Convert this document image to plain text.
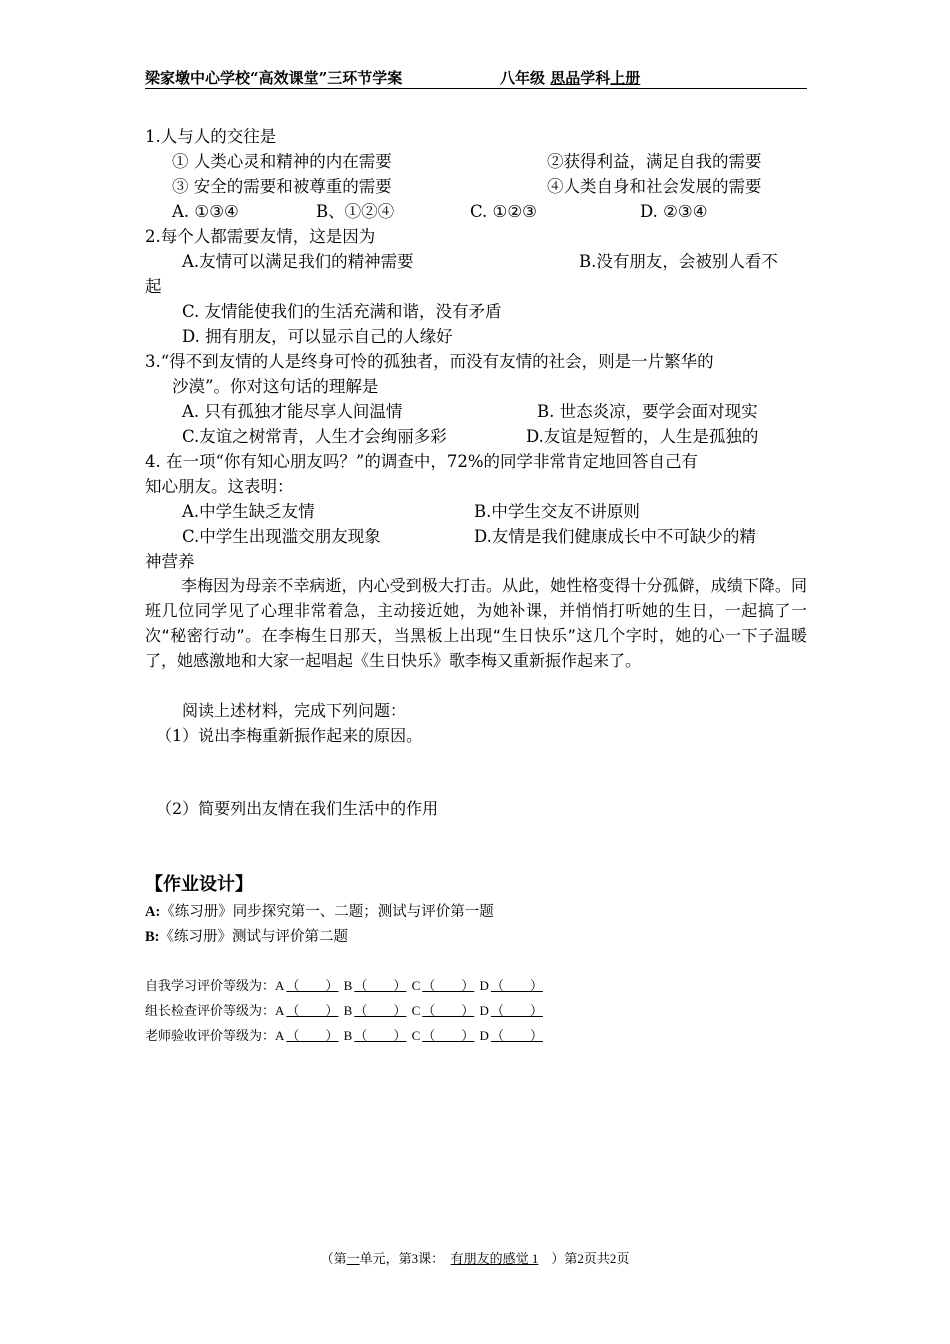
梁家墩中心学校“高效课堂”三环节学案	八年级 思品学科上册
1.人与人的交往是
① 人类心灵和精神的内在需要	②获得利益，满足自我的需要
③ 安全的需要和被尊重的需要	④人类自身和社会发展的需要
A. ①③④	B、①②④	C. ①②③	D. ②③④
2.每个人都需要友情，这是因为
A.友情可以满足我们的精神需要	B.没有朋友，会被别人看不
起
C. 友情能使我们的生活充满和谐，没有矛盾
D. 拥有朋友，可以显示自己的人缘好
3.“得不到友情的人是终身可怜的孤独者，而没有友情的社会，则是一片繁华的
沙漠”。你对这句话的理解是
A. 只有孤独才能尽享人间温情	B. 世态炎凉，要学会面对现实
C.友谊之树常青，人生才会绚丽多彩	D.友谊是短暂的，人生是孤独的
4. 在一项“你有知心朋友吗？”的调查中，72%的同学非常肯定地回答自己有
知心朋友。这表明：
A.中学生缺乏友情	B.中学生交友不讲原则
C.中学生出现滥交朋友现象	D.友情是我们健康成长中不可缺少的精
神营养
李梅因为母亲不幸病逝，内心受到极大打击。从此，她性格变得十分孤僻，成绩下降。同班几位同学见了心理非常着急，主动接近她，为她补课，并悄悄打听她的生日，一起搞了一次“秘密行动”。在李梅生日那天，当黑板上出现“生日快乐”这几个字时，她的心一下子温暖了，她感激地和大家一起唱起《生日快乐》歌李梅又重新振作起来了。
阅读上述材料，完成下列问题：
（1）说出李梅重新振作起来的原因。
（2）简要列出友情在我们生活中的作用
【作业设计】
A:《练习册》同步探究第一、二题；测试与评价第一题
B:《练习册》测试与评价第二题
自我学习评价等级为：A （　　） B （　　） C （　　） D （　　）
组长检查评价等级为：A （　　） B （　　） C （　　） D （　　）
老师验收评价等级为：A （　　） B （　　） C （　　） D （　　）
（第一单元，第3课： 有朋友的感觉 1 ）第2页共2页
